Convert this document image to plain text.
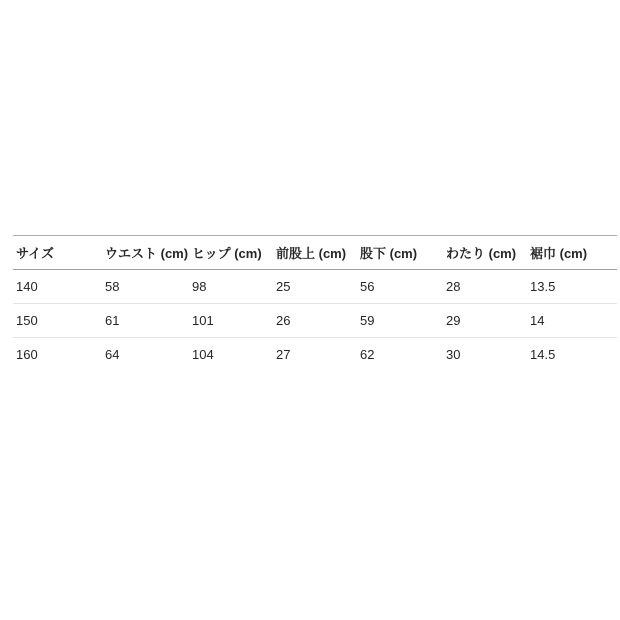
サイズ	ウエスト (cm)	ヒップ (cm)	前股上 (cm)	股下 (cm)	わたり (cm)	裾巾 (cm)
140	58	98	25	56	28	13.5
150	61	101	26	59	29	14
160	64	104	27	62	30	14.5
